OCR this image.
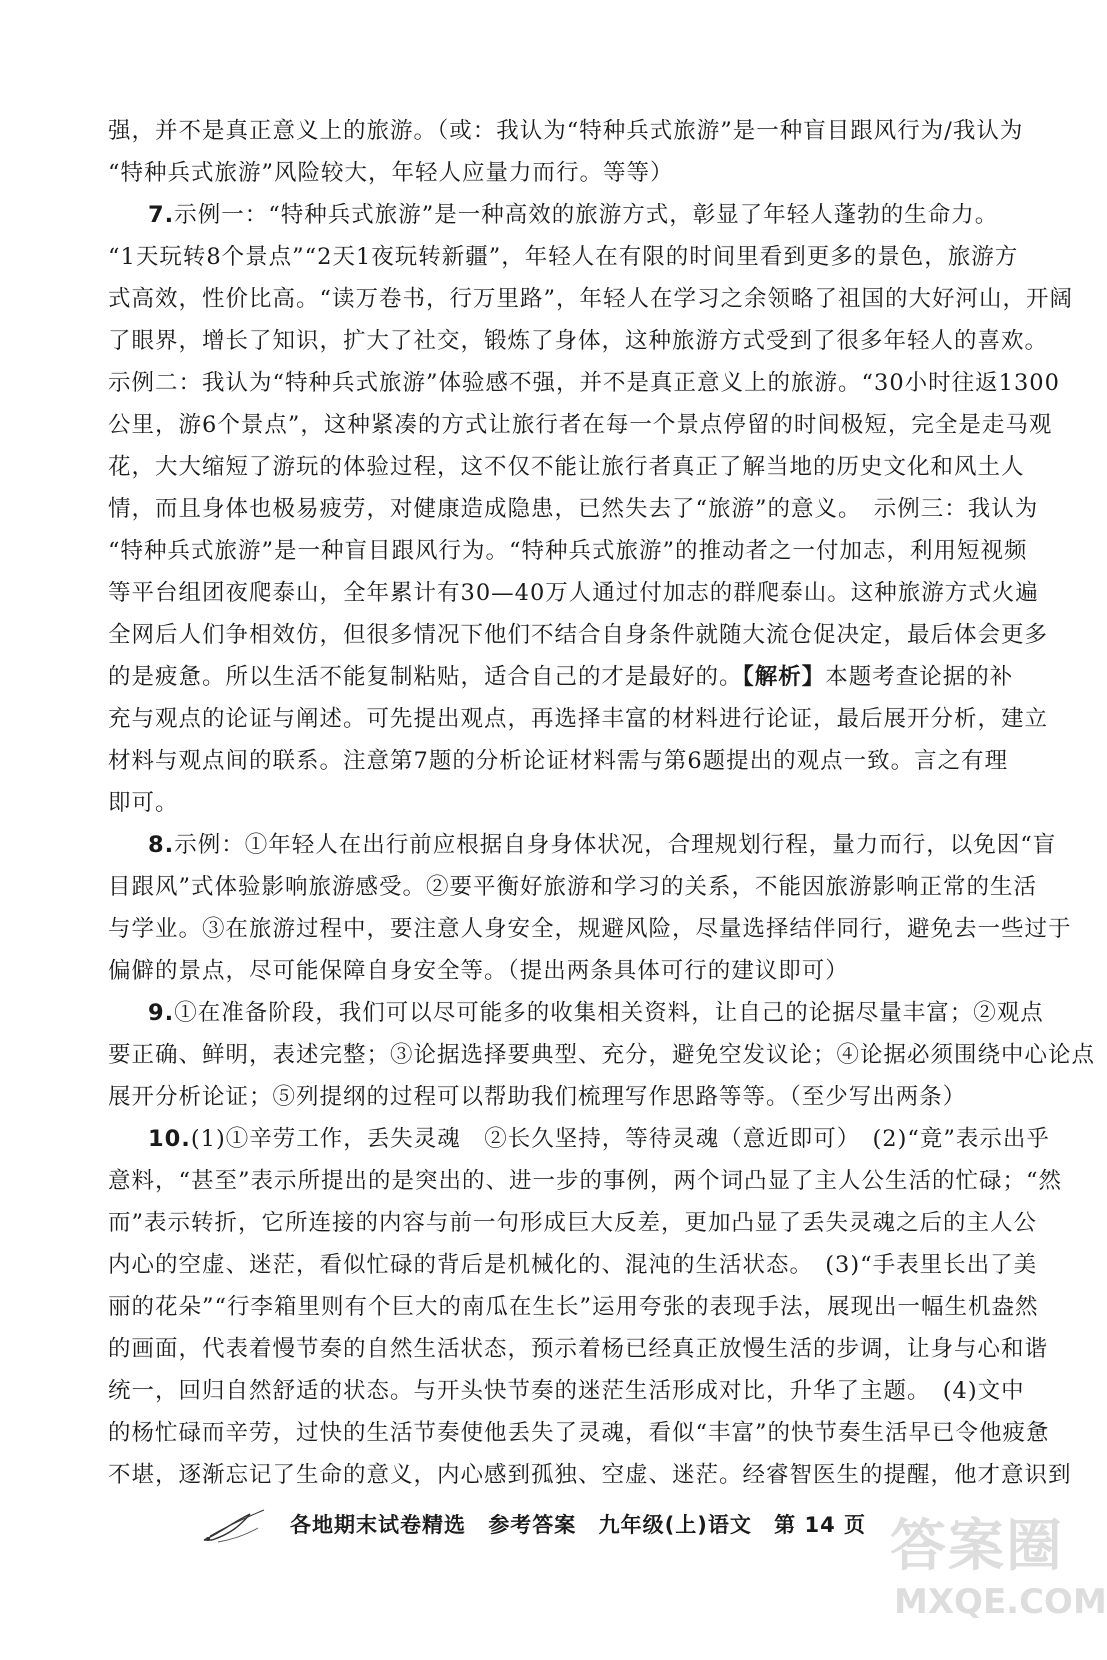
强，并不是真正意义上的旅游。（或：我认为“特种兵式旅游”是一种盲目跟风行为/我认为
“特种兵式旅游”风险较大，年轻人应量力而行。等等）
7.示例一：“特种兵式旅游”是一种高效的旅游方式，彰显了年轻人蓬勃的生命力。
“1天玩转8个景点”“2天1夜玩转新疆”，年轻人在有限的时间里看到更多的景色，旅游方
式高效，性价比高。“读万卷书，行万里路”，年轻人在学习之余领略了祖国的大好河山，开阔
了眼界，增长了知识，扩大了社交，锻炼了身体，这种旅游方式受到了很多年轻人的喜欢。
示例二：我认为“特种兵式旅游”体验感不强，并不是真正意义上的旅游。“30小时往返1300
公里，游6个景点”，这种紧凑的方式让旅行者在每一个景点停留的时间极短，完全是走马观
花，大大缩短了游玩的体验过程，这不仅不能让旅行者真正了解当地的历史文化和风土人
情，而且身体也极易疲劳，对健康造成隐患，已然失去了“旅游”的意义。　示例三：我认为
“特种兵式旅游”是一种盲目跟风行为。“特种兵式旅游”的推动者之一付加志，利用短视频
等平台组团夜爬泰山，全年累计有30—40万人通过付加志的群爬泰山。这种旅游方式火遍
全网后人们争相效仿，但很多情况下他们不结合自身条件就随大流仓促决定，最后体会更多
的是疲惫。所以生活不能复制粘贴，适合自己的才是最好的。【解析】本题考查论据的补
充与观点的论证与阐述。可先提出观点，再选择丰富的材料进行论证，最后展开分析，建立
材料与观点间的联系。注意第7题的分析论证材料需与第6题提出的观点一致。言之有理
即可。
8.示例：①年轻人在出行前应根据自身身体状况，合理规划行程，量力而行，以免因“盲
目跟风”式体验影响旅游感受。②要平衡好旅游和学习的关系，不能因旅游影响正常的生活
与学业。③在旅游过程中，要注意人身安全，规避风险，尽量选择结伴同行，避免去一些过于
偏僻的景点，尽可能保障自身安全等。（提出两条具体可行的建议即可）
9.①在准备阶段，我们可以尽可能多的收集相关资料，让自己的论据尽量丰富；②观点
要正确、鲜明，表述完整；③论据选择要典型、充分，避免空发议论；④论据必须围绕中心论点
展开分析论证；⑤列提纲的过程可以帮助我们梳理写作思路等等。（至少写出两条）
10.(1)①辛劳工作，丢失灵魂　②长久坚持，等待灵魂（意近即可）　(2)“竟”表示出乎
意料，“甚至”表示所提出的是突出的、进一步的事例，两个词凸显了主人公生活的忙碌；“然
而”表示转折，它所连接的内容与前一句形成巨大反差，更加凸显了丢失灵魂之后的主人公
内心的空虚、迷茫，看似忙碌的背后是机械化的、混沌的生活状态。　(3)“手表里长出了美
丽的花朵”“行李箱里则有个巨大的南瓜在生长”运用夸张的表现手法，展现出一幅生机盎然
的画面，代表着慢节奏的自然生活状态，预示着杨已经真正放慢生活的步调，让身与心和谐
统一，回归自然舒适的状态。与开头快节奏的迷茫生活形成对比，升华了主题。　(4)文中
的杨忙碌而辛劳，过快的生活节奏使他丢失了灵魂，看似“丰富”的快节奏生活早已令他疲惫
不堪，逐渐忘记了生命的意义，内心感到孤独、空虚、迷茫。经睿智医生的提醒，他才意识到
各地期末试卷精选 参考答案 九年级(上)语文 第 14 页 答案圈
MXQE.COM
